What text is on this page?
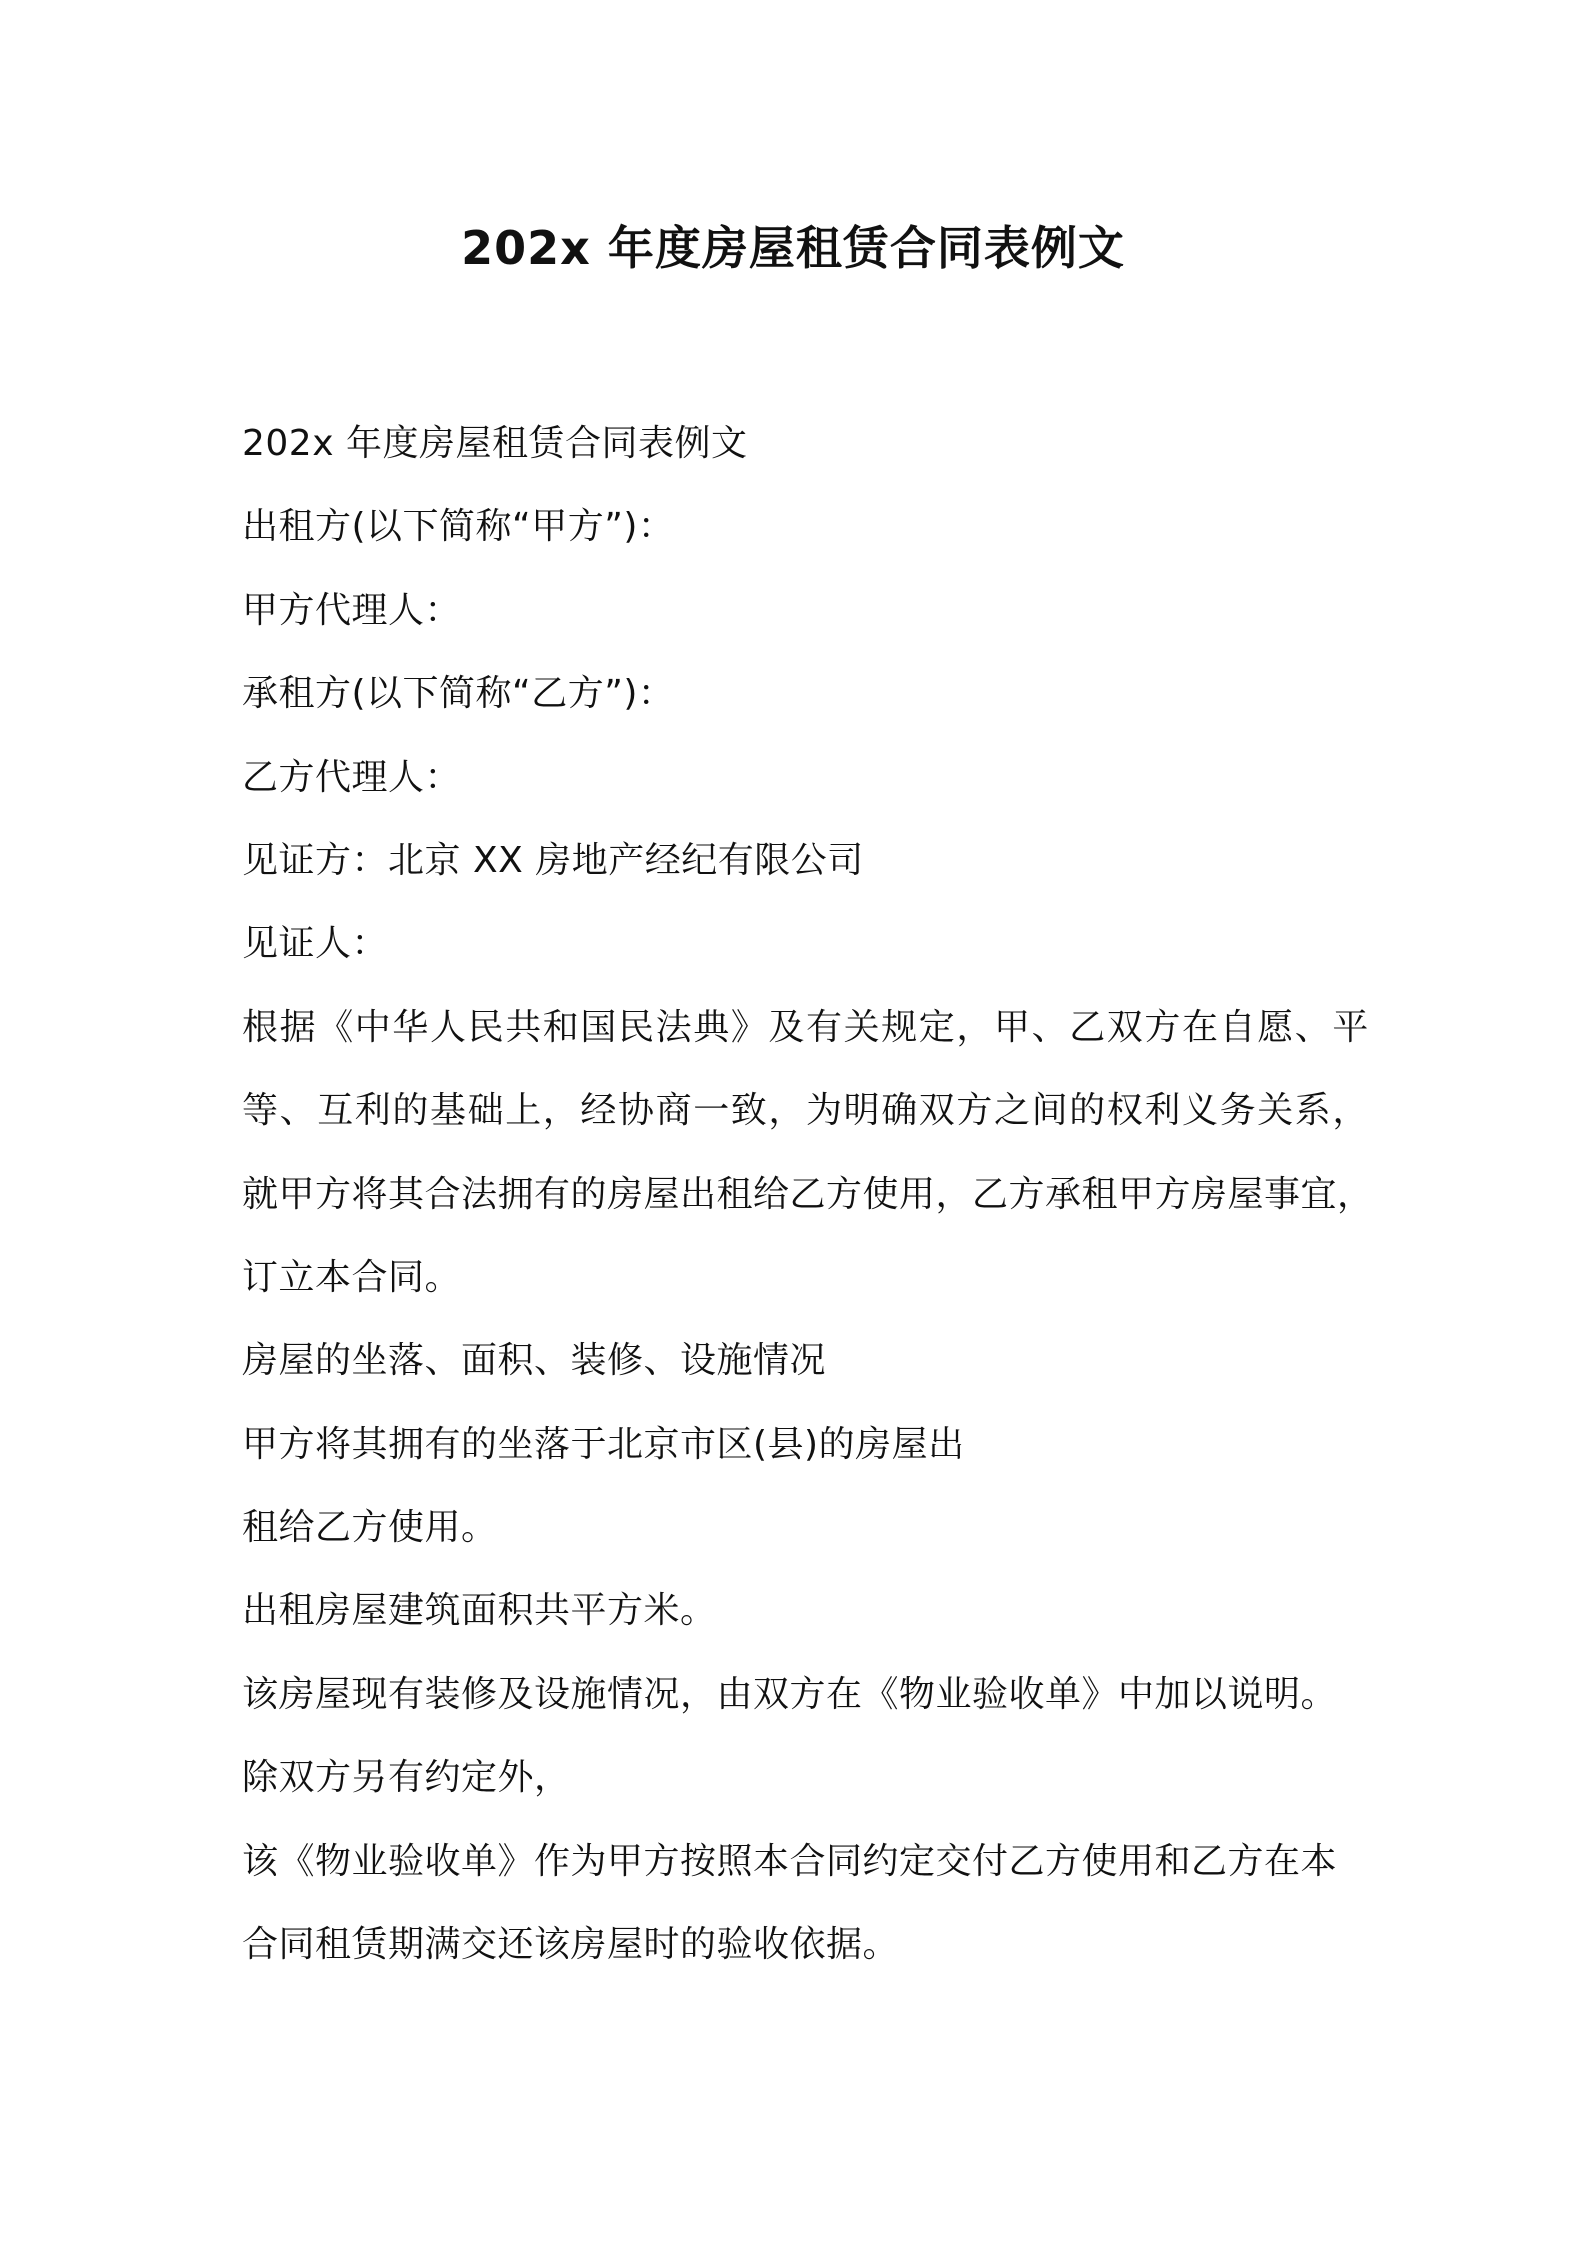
202x 年度房屋租赁合同表例文
202x 年度房屋租赁合同表例文
出租方(以下简称“甲方”)：
甲方代理人：
承租方(以下简称“乙方”)：
乙方代理人：
见证方：北京 XX 房地产经纪有限公司
见证人：
根据《中华人民共和国民法典》及有关规定，甲、乙双方在自愿、平
等、互利的基础上，经协商一致，为明确双方之间的权利义务关系，
就甲方将其合法拥有的房屋出租给乙方使用，乙方承租甲方房屋事宜，
订立本合同。
房屋的坐落、面积、装修、设施情况
甲方将其拥有的坐落于北京市区(县)的房屋出
租给乙方使用。
出租房屋建筑面积共平方米。
该房屋现有装修及设施情况，由双方在《物业验收单》中加以说明。
除双方另有约定外，
该《物业验收单》作为甲方按照本合同约定交付乙方使用和乙方在本
合同租赁期满交还该房屋时的验收依据。
